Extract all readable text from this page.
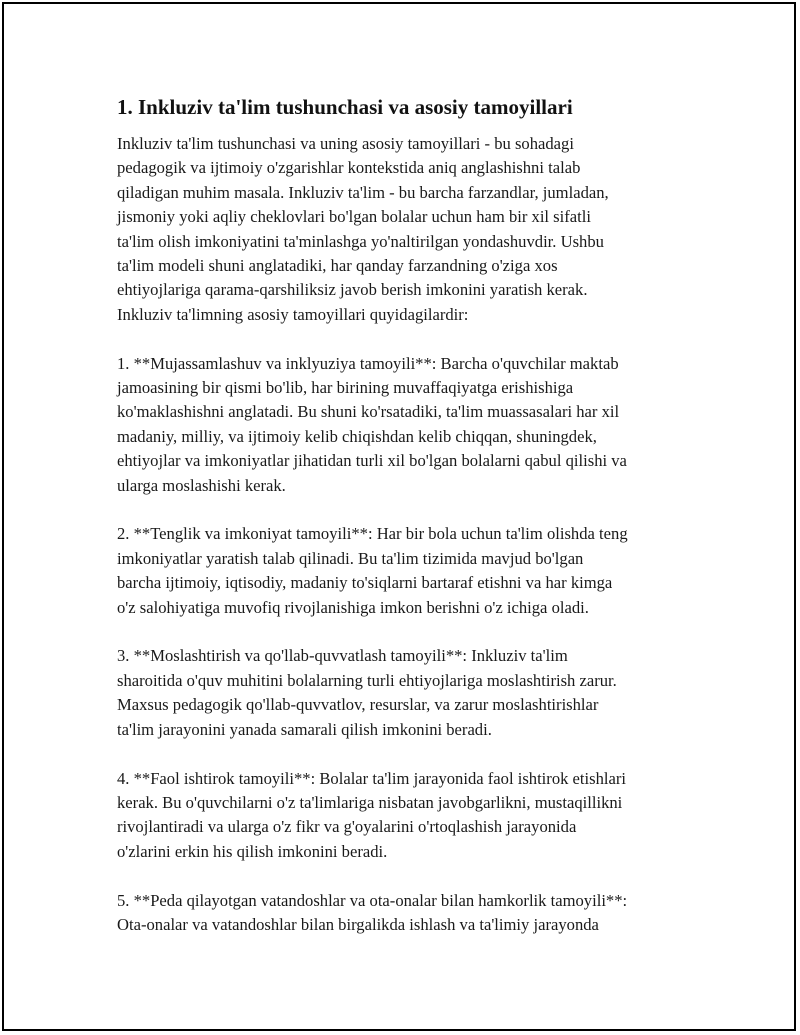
1. Inkluziv ta'lim tushunchasi va asosiy tamoyillari
Inkluziv ta'lim tushunchasi va uning asosiy tamoyillari - bu sohadagi
pedagogik va ijtimoiy o'zgarishlar kontekstida aniq anglashishni talab
qiladigan muhim masala. Inkluziv ta'lim - bu barcha farzandlar, jumladan,
jismoniy yoki aqliy cheklovlari bo'lgan bolalar uchun ham bir xil sifatli
ta'lim olish imkoniyatini ta'minlashga yo'naltirilgan yondashuvdir. Ushbu
ta'lim modeli shuni anglatadiki, har qanday farzandning o'ziga xos
ehtiyojlariga qarama-qarshiliksiz javob berish imkonini yaratish kerak.
Inkluziv ta'limning asosiy tamoyillari quyidagilardir:
1. **Mujassamlashuv va inklyuziya tamoyili**: Barcha o'quvchilar maktab
jamoasining bir qismi bo'lib, har birining muvaffaqiyatga erishishiga
ko'maklashishni anglatadi. Bu shuni ko'rsatadiki, ta'lim muassasalari har xil
madaniy, milliy, va ijtimoiy kelib chiqishdan kelib chiqqan, shuningdek,
ehtiyojlar va imkoniyatlar jihatidan turli xil bo'lgan bolalarni qabul qilishi va
ularga moslashishi kerak.
2. **Tenglik va imkoniyat tamoyili**: Har bir bola uchun ta'lim olishda teng
imkoniyatlar yaratish talab qilinadi. Bu ta'lim tizimida mavjud bo'lgan
barcha ijtimoiy, iqtisodiy, madaniy to'siqlarni bartaraf etishni va har kimga
o'z salohiyatiga muvofiq rivojlanishiga imkon berishni o'z ichiga oladi.
3. **Moslashtirish va qo'llab-quvvatlash tamoyili**: Inkluziv ta'lim
sharoitida o'quv muhitini bolalarning turli ehtiyojlariga moslashtirish zarur.
Maxsus pedagogik qo'llab-quvvatlov, resurslar, va zarur moslashtirishlar
ta'lim jarayonini yanada samarali qilish imkonini beradi.
4. **Faol ishtirok tamoyili**: Bolalar ta'lim jarayonida faol ishtirok etishlari
kerak. Bu o'quvchilarni o'z ta'limlariga nisbatan javobgarlikni, mustaqillikni
rivojlantiradi va ularga o'z fikr va g'oyalarini o'rtoqlashish jarayonida
o'zlarini erkin his qilish imkonini beradi.
5. **Peda qilayotgan vatandoshlar va ota-onalar bilan hamkorlik tamoyili**:
Ota-onalar va vatandoshlar bilan birgalikda ishlash va ta'limiy jarayonda
